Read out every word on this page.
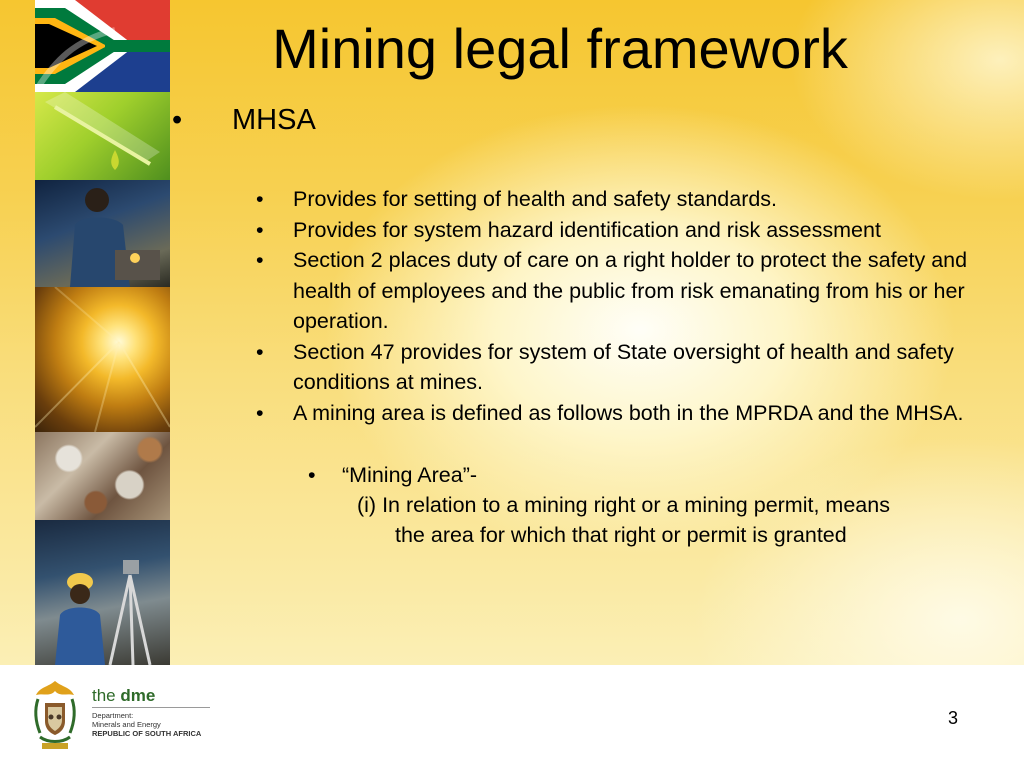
Mining legal framework
• MHSA
• Provides for setting of health and safety standards.
• Provides for system hazard identification and risk assessment
• Section 2 places duty of care on a right holder to protect the safety and health of employees and the public from risk emanating from his or her operation.
• Section 47 provides for system of State oversight of health and safety conditions at mines.
• A mining area is defined as follows both in the MPRDA and the MHSA.
• “Mining Area”-
(i) In relation to a mining right or a mining permit, means
the area for which that right or permit is granted
the dme
Department:
Minerals and Energy
REPUBLIC OF SOUTH AFRICA
3
